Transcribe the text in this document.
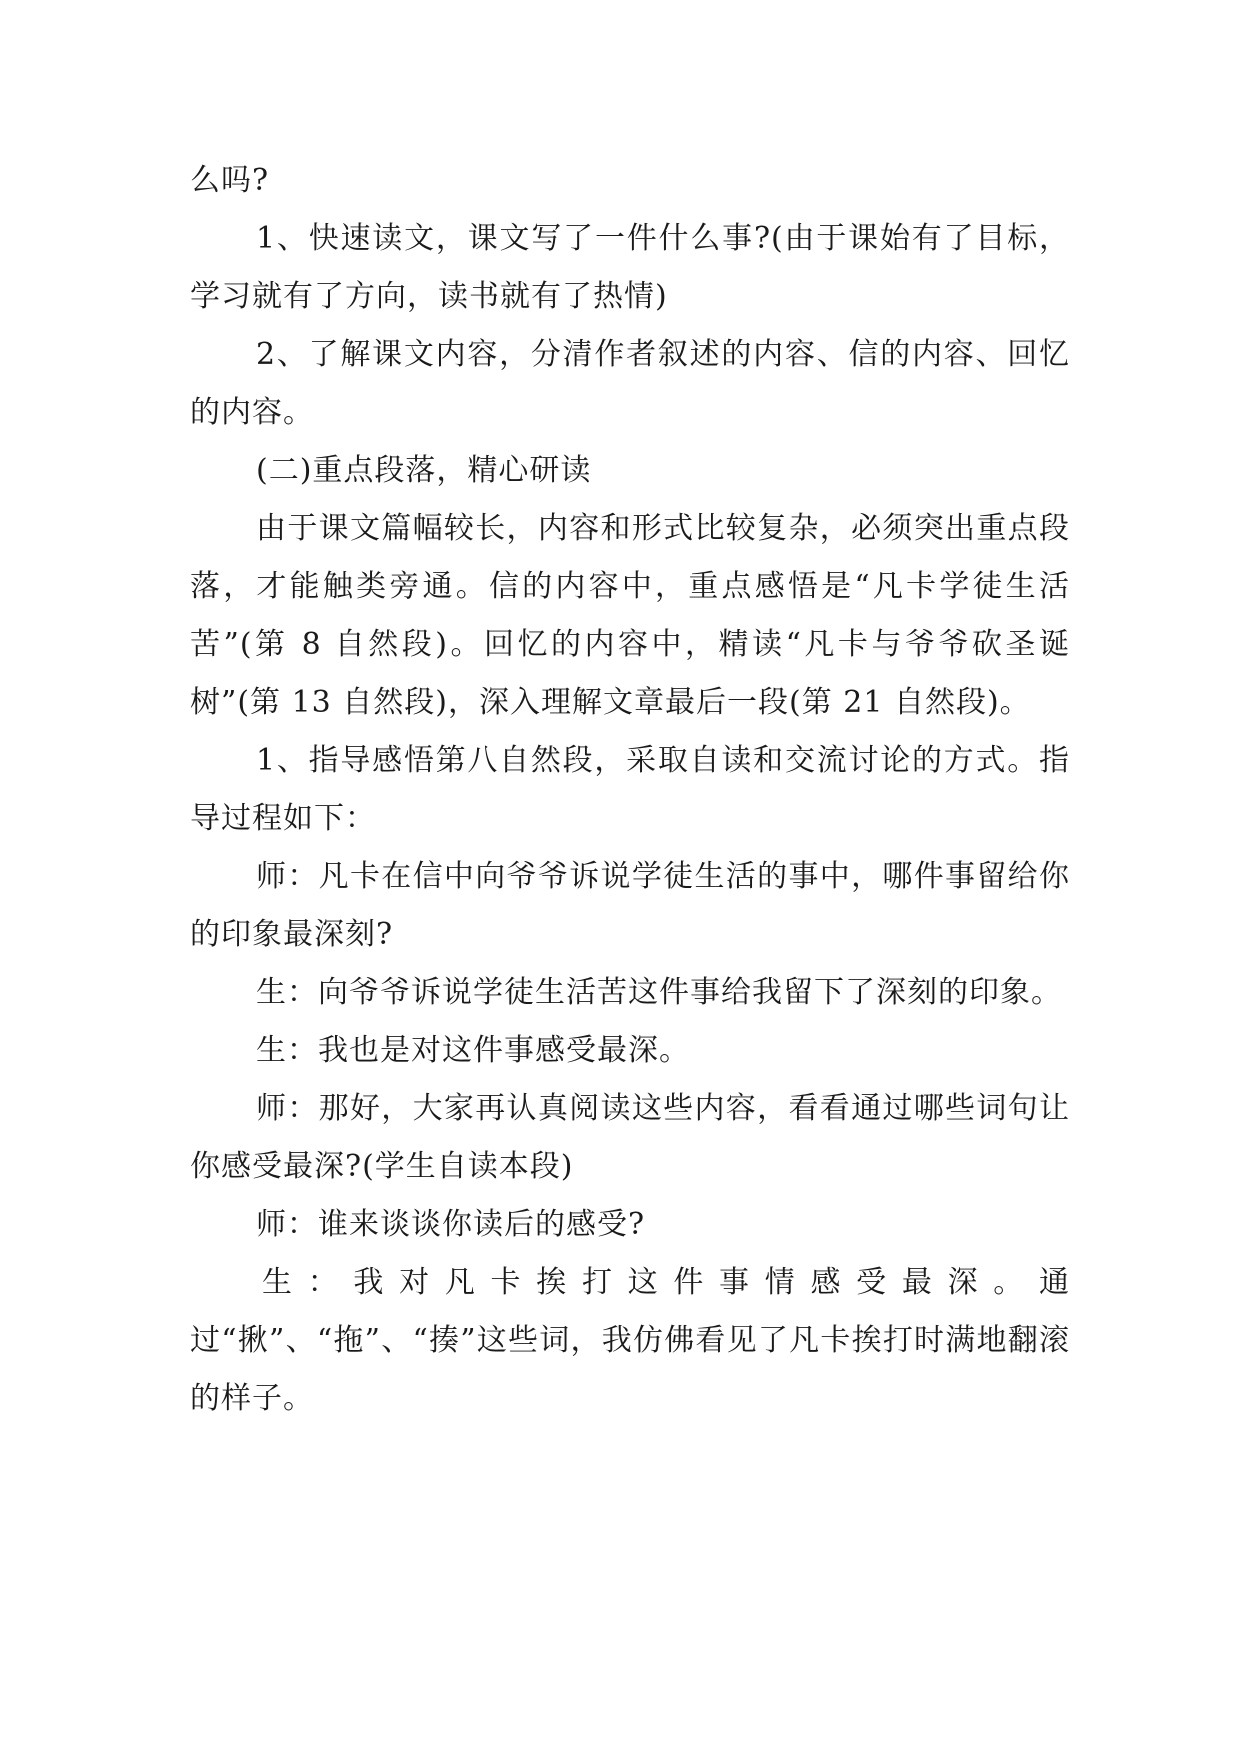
么吗?

1、快速读文，课文写了一件什么事?(由于课始有了目标，学习就有了方向，读书就有了热情)

2、了解课文内容，分清作者叙述的内容、信的内容、回忆的内容。

(二)重点段落，精心研读

由于课文篇幅较长，内容和形式比较复杂，必须突出重点段落，才能触类旁通。信的内容中，重点感悟是“凡卡学徒生活苦”(第 8 自然段)。回忆的内容中，精读“凡卡与爷爷砍圣诞树”(第 13 自然段)，深入理解文章最后一段(第 21 自然段)。

1、指导感悟第八自然段，采取自读和交流讨论的方式。指导过程如下：

师：凡卡在信中向爷爷诉说学徒生活的事中，哪件事留给你的印象最深刻?

生：向爷爷诉说学徒生活苦这件事给我留下了深刻的印象。

生：我也是对这件事感受最深。

师：那好，大家再认真阅读这些内容，看看通过哪些词句让你感受最深?(学生自读本段)

师：谁来谈谈你读后的感受?

生：我对凡卡挨打这件事情感受最深。通过“揪”、“拖”、“揍”这些词，我仿佛看见了凡卡挨打时满地翻滚的样子。
